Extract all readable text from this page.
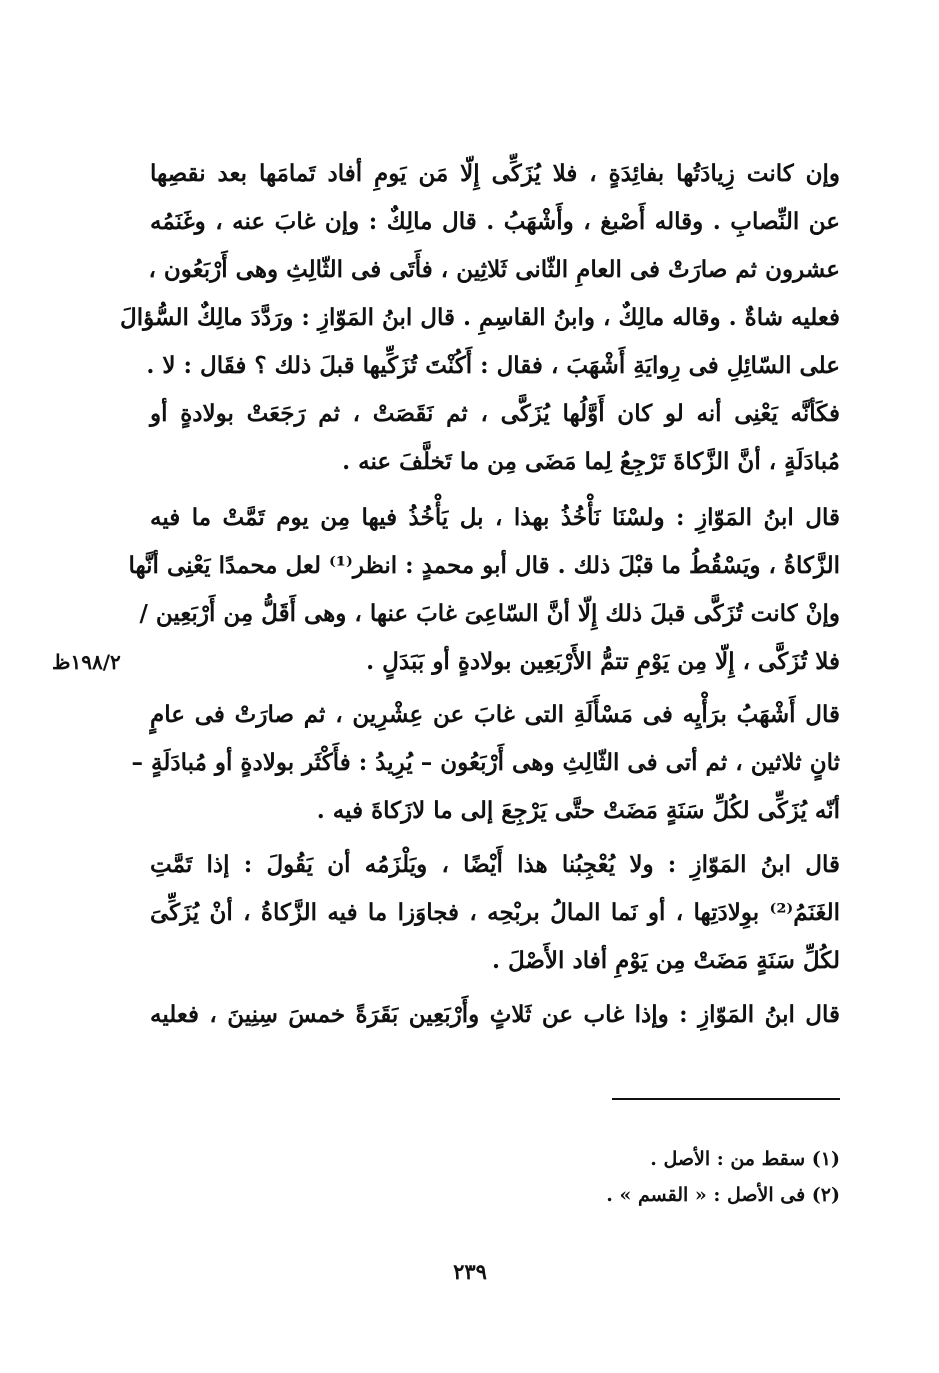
وإن كانت زِيادَتُها بفائِدَةٍ ، فلا يُزَكِّى إِلّا مَن يَومِ أفاد تَمامَها بعد نقصِها
عن النِّصابِ . وقاله أَصْبغ ، وأَشْهَبُ . قال مالِكٌ : وإن غابَ عنه ، وغَنَمُه
عشرون ثم صارَتْ فى العامِ الثّانى ثَلاثِين ، فأَتَى فى الثّالِثِ وهى أَرْبَعُون ،
فعليه شاةٌ . وقاله مالِكٌ ، وابنُ القاسِمِ . قال ابنُ المَوّازِ : ورَدَّدَ مالِكٌ السُّؤالَ
على السّائِلِ فى رِوايَةِ أَشْهَبَ ، فقال : أَكُنْتَ تُزَكِّيها قبلَ ذلك ؟ فقَال : لا .
فكَأنَّه يَعْنِى أنه لو كان أَوَّلُها يُزَكَّى ، ثم نَقَصَتْ ، ثم رَجَعَتْ بولادةٍ أو
مُبادَلَةٍ ، أنَّ الزَّكاةَ تَرْجِعُ لِما مَضَى مِن ما تَخلَّفَ عنه .
قال ابنُ المَوّازِ : ولسْنَا نَأْخُذُ بهذا ، بل يَأْخُذُ فيها مِن يوم تَمَّتْ ما فيه
الزَّكاةُ ، ويَسْقُطُ ما قبْلَ ذلك . قال أبو محمدٍ : انظر⁽¹⁾ لعل محمدًا يَعْنِى أنَّها
وإنْ كانت تُزَكَّى قبلَ ذلك إِلّا أنَّ السّاعِىَ غابَ عنها ، وهى أَقَلُّ مِن أَرْبَعِين /
فلا تُزَكَّى ، إِلّا مِن يَوْمِ تتمُّ الأَرْبَعِين بولادةٍ أو بَبَدَلٍ .
١٩٨/٢ظ
قال أَشْهَبُ برَأْيِه فى مَسْأَلَةِ التى غابَ عن عِشْرِين ، ثم صارَتْ فى عامٍ
ثانٍ ثلاثين ، ثم أتى فى الثّالِثِ وهى أَرْبَعُون – يُرِيدُ : فأَكْثَر بولادةٍ أو مُبادَلَةٍ –
أنّه يُزَكِّى لكُلِّ سَنَةٍ مَضَتْ حتَّى يَرْجِعَ إلى ما لازَكاةَ فيه .
قال ابنُ المَوّازِ : ولا يُعْجِبُنا هذا أَيْضًا ، ويَلْزَمُه أن يَقُولَ : إذا تَمَّتِ
الغَنَمُ⁽²⁾ بوِلادَتِها ، أو نَما المالُ بربْحِه ، فجاوَزا ما فيه الزَّكاةُ ، أنْ يُزَكِّىَ
لكُلِّ سَنَةٍ مَضَتْ مِن يَوْمِ أفاد الأَصْلَ .
قال ابنُ المَوّازِ : وإذا غاب عن ثَلاثٍ وأَرْبَعِين بَقَرَةً خمسَ سِنِينَ ، فعليه
(١) سقط من : الأصل .
(٢) فى الأصل : « القسم » .
٢٣٩
